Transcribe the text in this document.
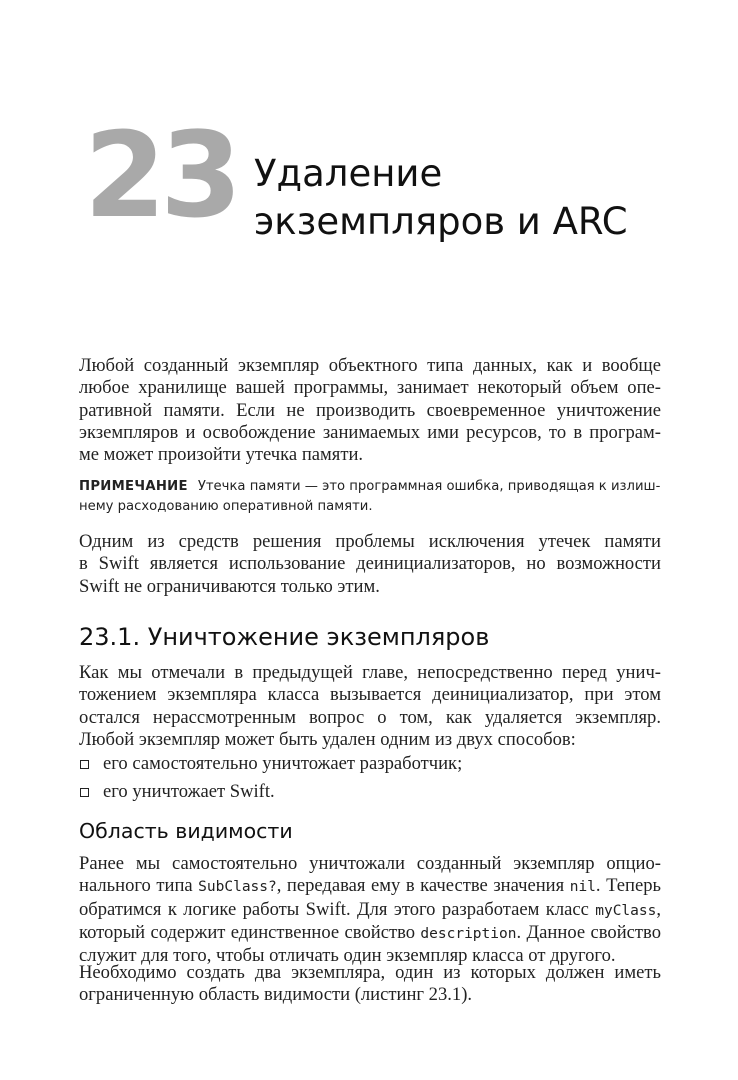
23 Удаление
экземпляров и ARC

Любой созданный экземпляр объектного типа данных, как и вообще
любое хранилище вашей программы, занимает некоторый объем опе-
ративной памяти. Если не производить своевременное уничтожение
экземпляров и освобождение занимаемых ими ресурсов, то в програм-
ме может произойти утечка памяти.

ПРИМЕЧАНИЕ Утечка памяти — это программная ошибка, приводящая к излиш-
нему расходованию оперативной памяти.

Одним из средств решения проблемы исключения утечек памяти
в Swift является использование деинициализаторов, но возможности
Swift не ограничиваются только этим.

23.1. Уничтожение экземпляров

Как мы отмечали в предыдущей главе, непосредственно перед унич-
тожением экземпляра класса вызывается деинициализатор, при этом
остался нерассмотренным вопрос о том, как удаляется экземпляр.
Любой экземпляр может быть удален одним из двух способов:

его самостоятельно уничтожает разработчик;
его уничтожает Swift.
Область видимости

Ранее мы самостоятельно уничтожали созданный экземпляр опцио-
нального типа SubClass?, передавая ему в качестве значения nil. Теперь
обратимся к логике работы Swift. Для этого разработаем класс myClass,
который содержит единственное свойство description. Данное свойство
служит для того, чтобы отличать один экземпляр класса от другого.

Необходимо создать два экземпляра, один из которых должен иметь
ограниченную область видимости (листинг 23.1).
